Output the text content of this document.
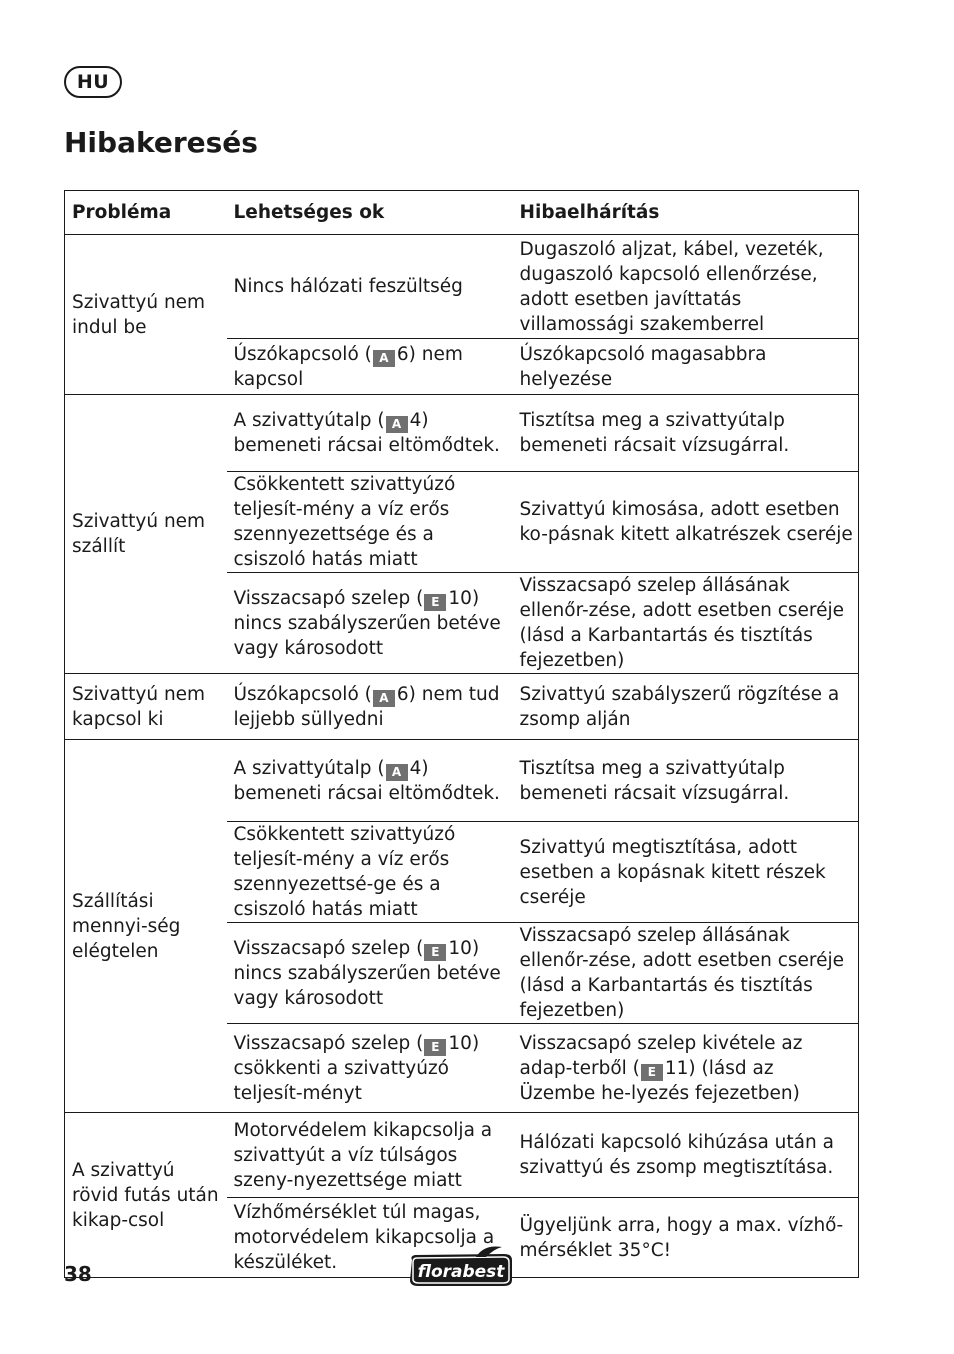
HU
Hibakeresés
Probléma	Lehetséges ok	Hibaelhárítás
Szivattyú nem indul be	Nincs hálózati feszültség	Dugaszoló aljzat, kábel, vezeték, dugaszoló kapcsoló ellenőrzése, adott esetben javíttatás villamossági szakemberrel
	Úszókapcsoló ( A 6) nem kapcsol	Úszókapcsoló magasabbra helyezése
Szivattyú nem szállít	A szivattyútalp ( A 4) bemeneti rácsai eltömődtek.	Tisztítsa meg a szivattyútalp bemeneti rácsait vízsugárral.
	Csökkentett szivattyúzó teljesít-mény a víz erős szennyezettsége és a csiszoló hatás miatt	Szivattyú kimosása, adott esetben ko-pásnak kitett alkatrészek cseréje
	Visszacsapó szelep ( E 10) nincs szabályszerűen betéve vagy károsodott	Visszacsapó szelep állásának ellenőr-zése, adott esetben cseréje (lásd a Karbantartás és tisztítás fejezetben)
Szivattyú nem kapcsol ki	Úszókapcsoló ( A 6) nem tud lejjebb süllyedni	Szivattyú szabályszerű rögzítése a zsomp alján
Szállítási mennyi-ség elégtelen	A szivattyútalp ( A 4) bemeneti rácsai eltömődtek.	Tisztítsa meg a szivattyútalp bemeneti rácsait vízsugárral.
	Csökkentett szivattyúzó teljesít-mény a víz erős szennyezettsé-ge és a csiszoló hatás miatt	Szivattyú megtisztítása, adott esetben a kopásnak kitett részek cseréje
	Visszacsapó szelep ( E 10) nincs szabályszerűen betéve vagy károsodott	Visszacsapó szelep állásának ellenőr-zése, adott esetben cseréje (lásd a Karbantartás és tisztítás fejezetben)
	Visszacsapó szelep ( E 10) csökkenti a szivattyúzó teljesít-ményt	Visszacsapó szelep kivétele az adap-terből ( E 11) (lásd az Üzembe he-lyezés fejezetben)
A szivattyú rövid futás után kikap-csol	Motorvédelem kikapcsolja a szivattyút a víz túlságos szeny-nyezettsége miatt	Hálózati kapcsoló kihúzása után a szivattyú és zsomp megtisztítása.
	Vízhőmérséklet túl magas, motorvédelem kikapcsolja a készüléket.	Ügyeljünk arra, hogy a max. vízhő-mérséklet 35°C!
38	florabest
